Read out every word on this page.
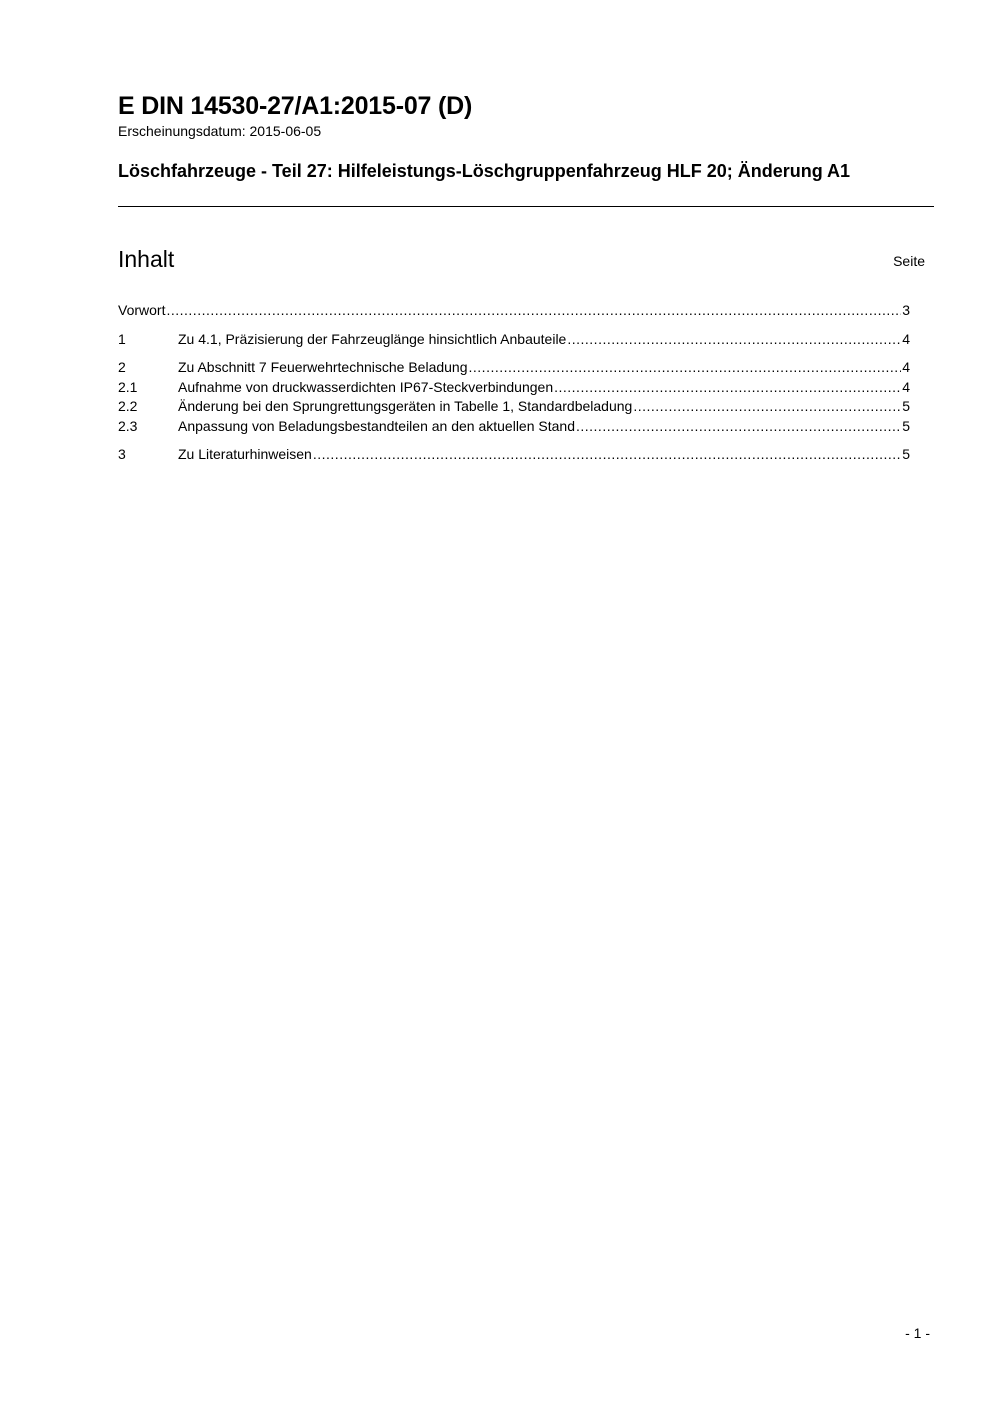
E DIN 14530-27/A1:2015-07 (D)
Erscheinungsdatum: 2015-06-05
Löschfahrzeuge - Teil 27: Hilfeleistungs-Löschgruppenfahrzeug HLF 20; Änderung A1
Inhalt	Seite
Vorwort .....	3
1	Zu 4.1, Präzisierung der Fahrzeuglänge hinsichtlich Anbauteile .....	4
2	Zu Abschnitt 7 Feuerwehrtechnische Beladung .....	4
2.1	Aufnahme von druckwasserdichten IP67-Steckverbindungen .....	4
2.2	Änderung bei den Sprungrettungsgeräten in Tabelle 1, Standardbeladung .....	5
2.3	Anpassung von Beladungsbestandteilen an den aktuellen Stand .....	5
3	Zu Literaturhinweisen .....	5
- 1 -
